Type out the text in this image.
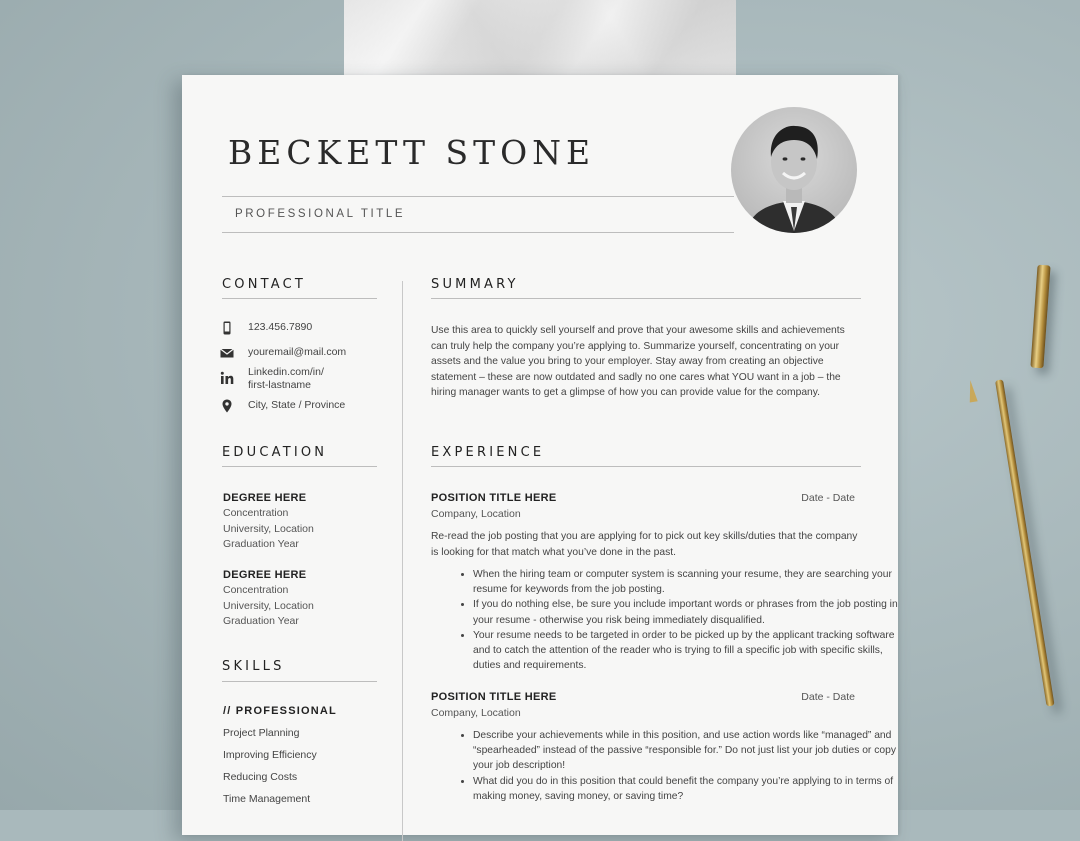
BECKETT STONE
PROFESSIONAL TITLE
CONTACT
123.456.7890
youremail@mail.com
Linkedin.com/in/
first-lastname
City, State / Province
EDUCATION
DEGREE HERE
Concentration
University, Location
Graduation Year
DEGREE HERE
Concentration
University, Location
Graduation Year
SKILLS
// PROFESSIONAL
Project Planning
Improving Efficiency
Reducing Costs
Time Management
SUMMARY

Use this area to quickly sell yourself and prove that your awesome skills and achievements can truly help the company you’re applying to. Summarize yourself, concentrating on your assets and the value you bring to your employer. Stay away from creating an objective statement – these are now outdated and sadly no one cares what YOU want in a job – the hiring manager wants to get a glimpse of how you can provide value for the company.

EXPERIENCE
POSITION TITLE HERE	Date - Date
Company, Location

Re-read the job posting that you are applying for to pick out key skills/duties that the company is looking for that match what you’ve done in the past.

• When the hiring team or computer system is scanning your resume, they are searching your resume for keywords from the job posting.
• If you do nothing else, be sure you include important words or phrases from the job posting in your resume - otherwise you risk being immediately disqualified.
• Your resume needs to be targeted in order to be picked up by the applicant tracking software and to catch the attention of the reader who is trying to fill a specific job with specific skills, duties and requirements.
POSITION TITLE HERE	Date - Date
Company, Location
• Describe your achievements while in this position, and use action words like “managed” and “spearheaded” instead of the passive “responsible for.” Do not just list your job duties or copy your job description!
• What did you do in this position that could benefit the company you’re applying to in terms of making money, saving money, or saving time?
